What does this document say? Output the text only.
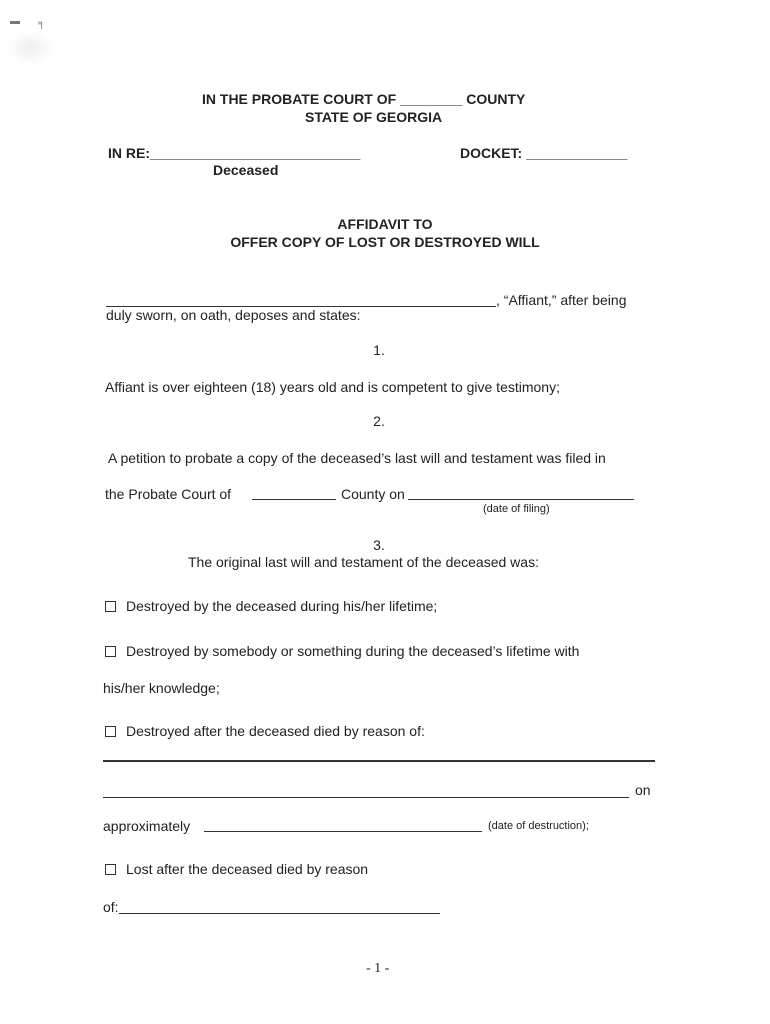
▬ ╕
IN THE PROBATE COURT OF ________ COUNTY
STATE OF GEORGIA
IN RE:___________________________
Deceased
DOCKET: _____________
AFFIDAVIT TO
OFFER COPY OF LOST OR DESTROYED WILL
, “Affiant,” after being
duly sworn, on oath, deposes and states:
1.
Affiant is over eighteen (18) years old and is competent to give testimony;
2.
A petition to probate a copy of the deceased’s last will and testament was filed in
the Probate Court of	County on
(date of filing)
3.
The original last will and testament of the deceased was:
Destroyed by the deceased during his/her lifetime;
Destroyed by somebody or something during the deceased’s lifetime with
his/her knowledge;
Destroyed after the deceased died by reason of:
on
approximately	(date of destruction);
Lost after the deceased died by reason
of:
- 1 -
